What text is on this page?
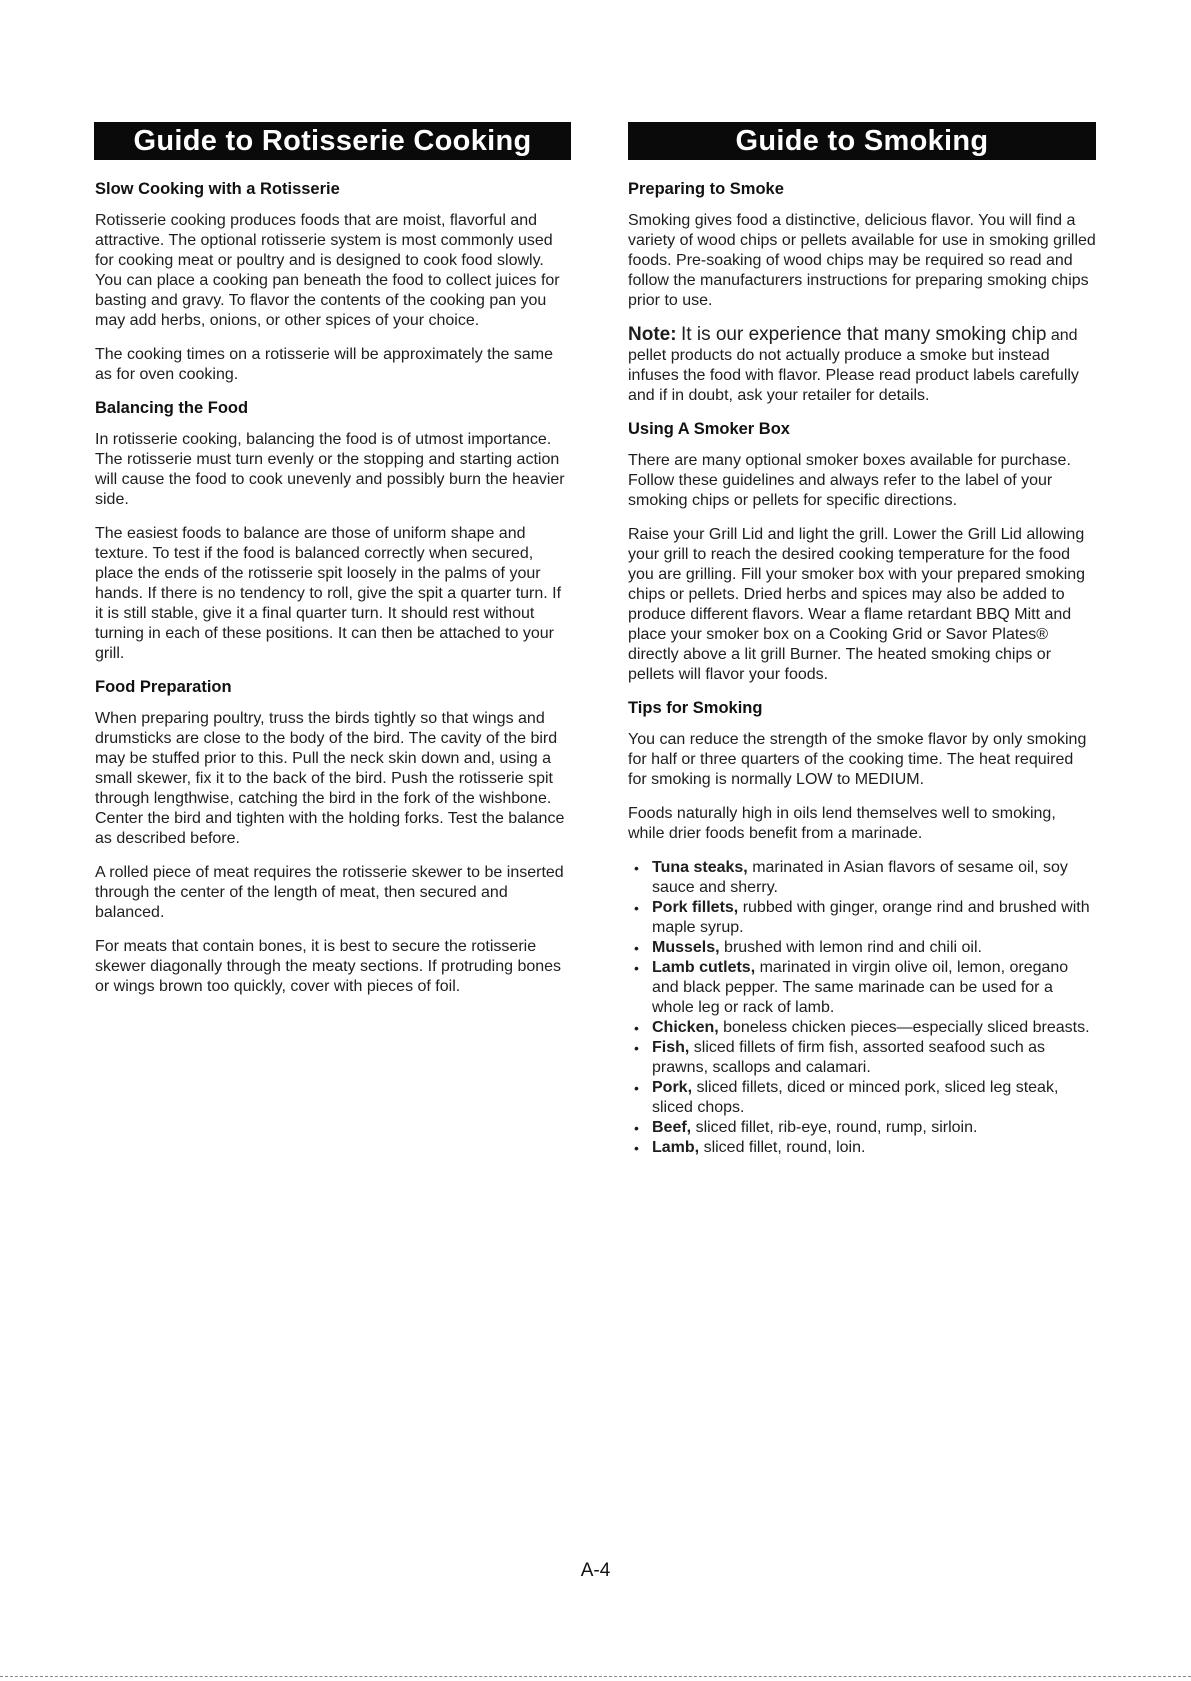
Guide to Rotisserie Cooking
Slow Cooking with a Rotisserie

Rotisserie cooking produces foods that are moist, flavorful and attractive. The optional rotisserie system is most commonly used for cooking meat or poultry and is designed to cook food slowly. You can place a cooking pan beneath the food to collect juices for basting and gravy. To flavor the contents of the cooking pan you may add herbs, onions, or other spices of your choice.

The cooking times on a rotisserie will be approximately the same as for oven cooking.

Balancing the Food

In rotisserie cooking, balancing the food is of utmost importance. The rotisserie must turn evenly or the stopping and starting action will cause the food to cook unevenly and possibly burn the heavier side.

The easiest foods to balance are those of uniform shape and texture. To test if the food is balanced correctly when secured, place the ends of the rotisserie spit loosely in the palms of your hands. If there is no tendency to roll, give the spit a quarter turn. If it is still stable, give it a final quarter turn. It should rest without turning in each of these positions. It can then be attached to your grill.

Food Preparation

When preparing poultry, truss the birds tightly so that wings and drumsticks are close to the body of the bird. The cavity of the bird may be stuffed prior to this. Pull the neck skin down and, using a small skewer, fix it to the back of the bird. Push the rotisserie spit through lengthwise, catching the bird in the fork of the wishbone. Center the bird and tighten with the holding forks. Test the balance as described before.

A rolled piece of meat requires the rotisserie skewer to be inserted through the center of the length of meat, then secured and balanced.

For meats that contain bones, it is best to secure the rotisserie skewer diagonally through the meaty sections. If protruding bones or wings brown too quickly, cover with pieces of foil.

Guide to Smoking
Preparing to Smoke

Smoking gives food a distinctive, delicious flavor. You will find a variety of wood chips or pellets available for use in smoking grilled foods. Pre-soaking of wood chips may be required so read and follow the manufacturers instructions for preparing smoking chips prior to use.

Note: It is our experience that many smoking chip and pellet products do not actually produce a smoke but instead infuses the food with flavor. Please read product labels carefully and if in doubt, ask your retailer for details.

Using A Smoker Box

There are many optional smoker boxes available for purchase. Follow these guidelines and always refer to the label of your smoking chips or pellets for specific directions.

Raise your Grill Lid and light the grill. Lower the Grill Lid allowing your grill to reach the desired cooking temperature for the food you are grilling. Fill your smoker box with your prepared smoking chips or pellets. Dried herbs and spices may also be added to produce different flavors. Wear a flame retardant BBQ Mitt and place your smoker box on a Cooking Grid or Savor Plates® directly above a lit grill Burner. The heated smoking chips or pellets will flavor your foods.

Tips for Smoking

You can reduce the strength of the smoke flavor by only smoking for half or three quarters of the cooking time. The heat required for smoking is normally LOW to MEDIUM.

Foods naturally high in oils lend themselves well to smoking, while drier foods benefit from a marinade.

• Tuna steaks, marinated in Asian flavors of sesame oil, soy sauce and sherry.
• Pork fillets, rubbed with ginger, orange rind and brushed with maple syrup.
• Mussels, brushed with lemon rind and chili oil.
• Lamb cutlets, marinated in virgin olive oil, lemon, oregano and black pepper. The same marinade can be used for a whole leg or rack of lamb.
• Chicken, boneless chicken pieces—especially sliced breasts.
• Fish, sliced fillets of firm fish, assorted seafood such as prawns, scallops and calamari.
• Pork, sliced fillets, diced or minced pork, sliced leg steak, sliced chops.
• Beef, sliced fillet, rib-eye, round, rump, sirloin.
• Lamb, sliced fillet, round, loin.
A-4
